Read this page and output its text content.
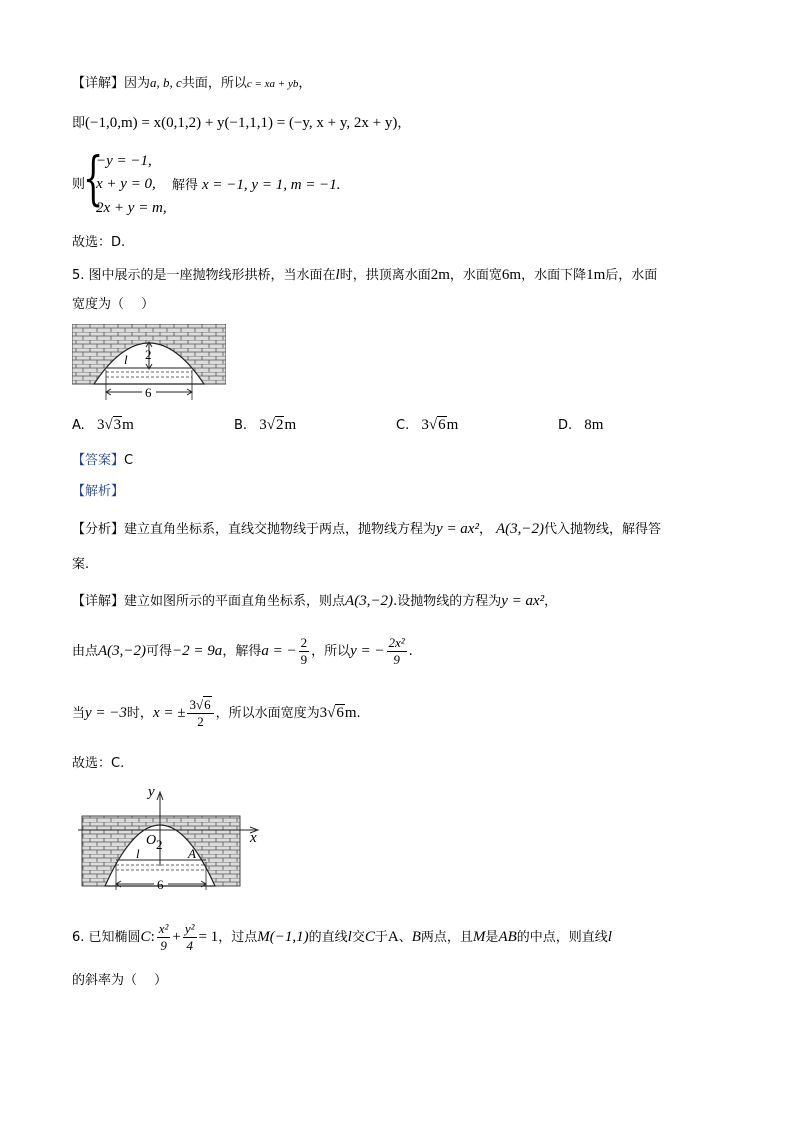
【详解】因为a, b, c共面，所以c = xa + yb，
即(−1,0,m) = x(0,1,2) + y(−1,1,1) = (−y, x + y, 2x + y)，
则
{
−y = −1,
x + y = 0,
2x + y = m,
解得 x = −1, y = 1, m = −1.
故选：D.
5. 图中展示的是一座抛物线形拱桥，当水面在l时，拱顶离水面2m，水面宽6m，水面下降1m后，水面
宽度为（　 ）
2
l
6
A. 3√3m	B. 3√2m	C. 3√6m	D. 8m
【答案】C
【解析】
【分析】建立直角坐标系，直线交抛物线于两点，抛物线方程为y = ax²， A(3,−2)代入抛物线，解得答
案.
【详解】建立如图所示的平面直角坐标系，则点A(3,−2).设抛物线的方程为y = ax²，
由点A(3,−2)可得−2 = 9a，解得a = − $\frac{2}{9}$ ，所以y = − $\frac{\text{2x²}}{9}$ .
当y = −3时，x = ± $\frac{3√6}{2}$ ，所以水面宽度为3√6m.
故选：C.
y
x
O 2
l	A
6
6. 已知椭圆C: $\frac{\text{x²}}{9} + \frac{\text{y²}}{4} = 1$，过点M(−1,1)的直线l交C于A、B两点，且M是AB的中点，则直线l
的斜率为（　 ）
